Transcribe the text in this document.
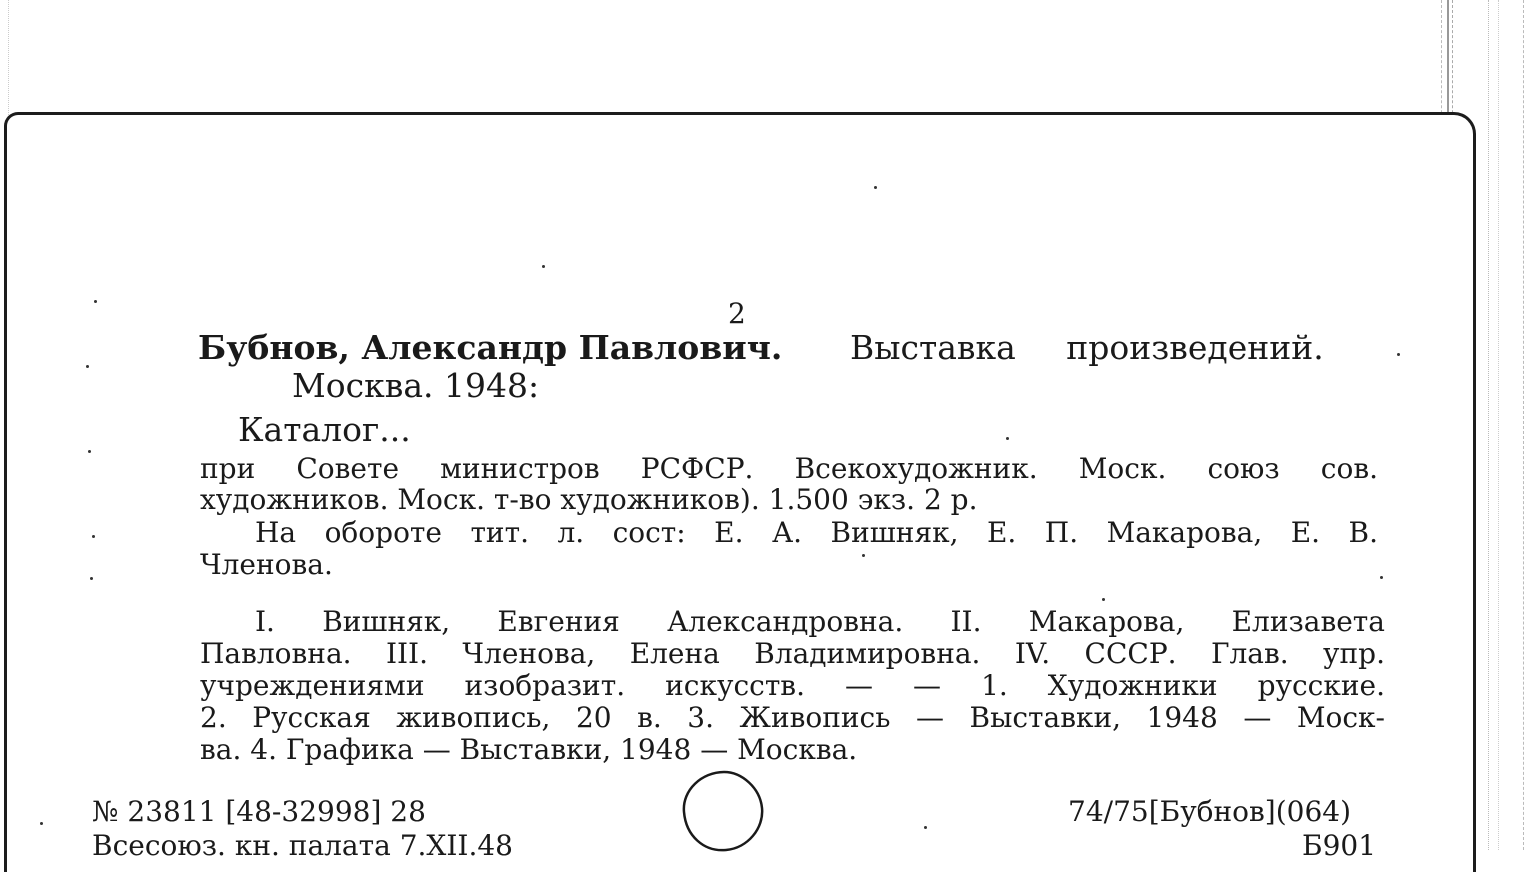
2
Бубнов, Александр Павлович. Выставка произведений.
Москва. 1948:
Каталог...
при Совете министров РСФСР. Всекохудожник. Моск. союз сов.
художников. Моск. т-во художников). 1.500 экз. 2 р.
На обороте тит. л. сост: Е. А. Вишняк, Е. П. Макарова, Е. В.
Членова.
I. Вишняк, Евгения Александровна. II. Макарова, Елизавета
Павловна. III. Членова, Елена Владимировна. IV. СССР. Глав. упр.
учреждениями изобразит. искусств. — — 1. Художники русские.
2. Русская живопись, 20 в. 3. Живопись — Выставки, 1948 — Моск-
ва. 4. Графика — Выставки, 1948 — Москва.
№ 23811 [48-32998] 28
Всесоюз. кн. палата 7.XII.48
74/75[Бубнов](064)
Б901
